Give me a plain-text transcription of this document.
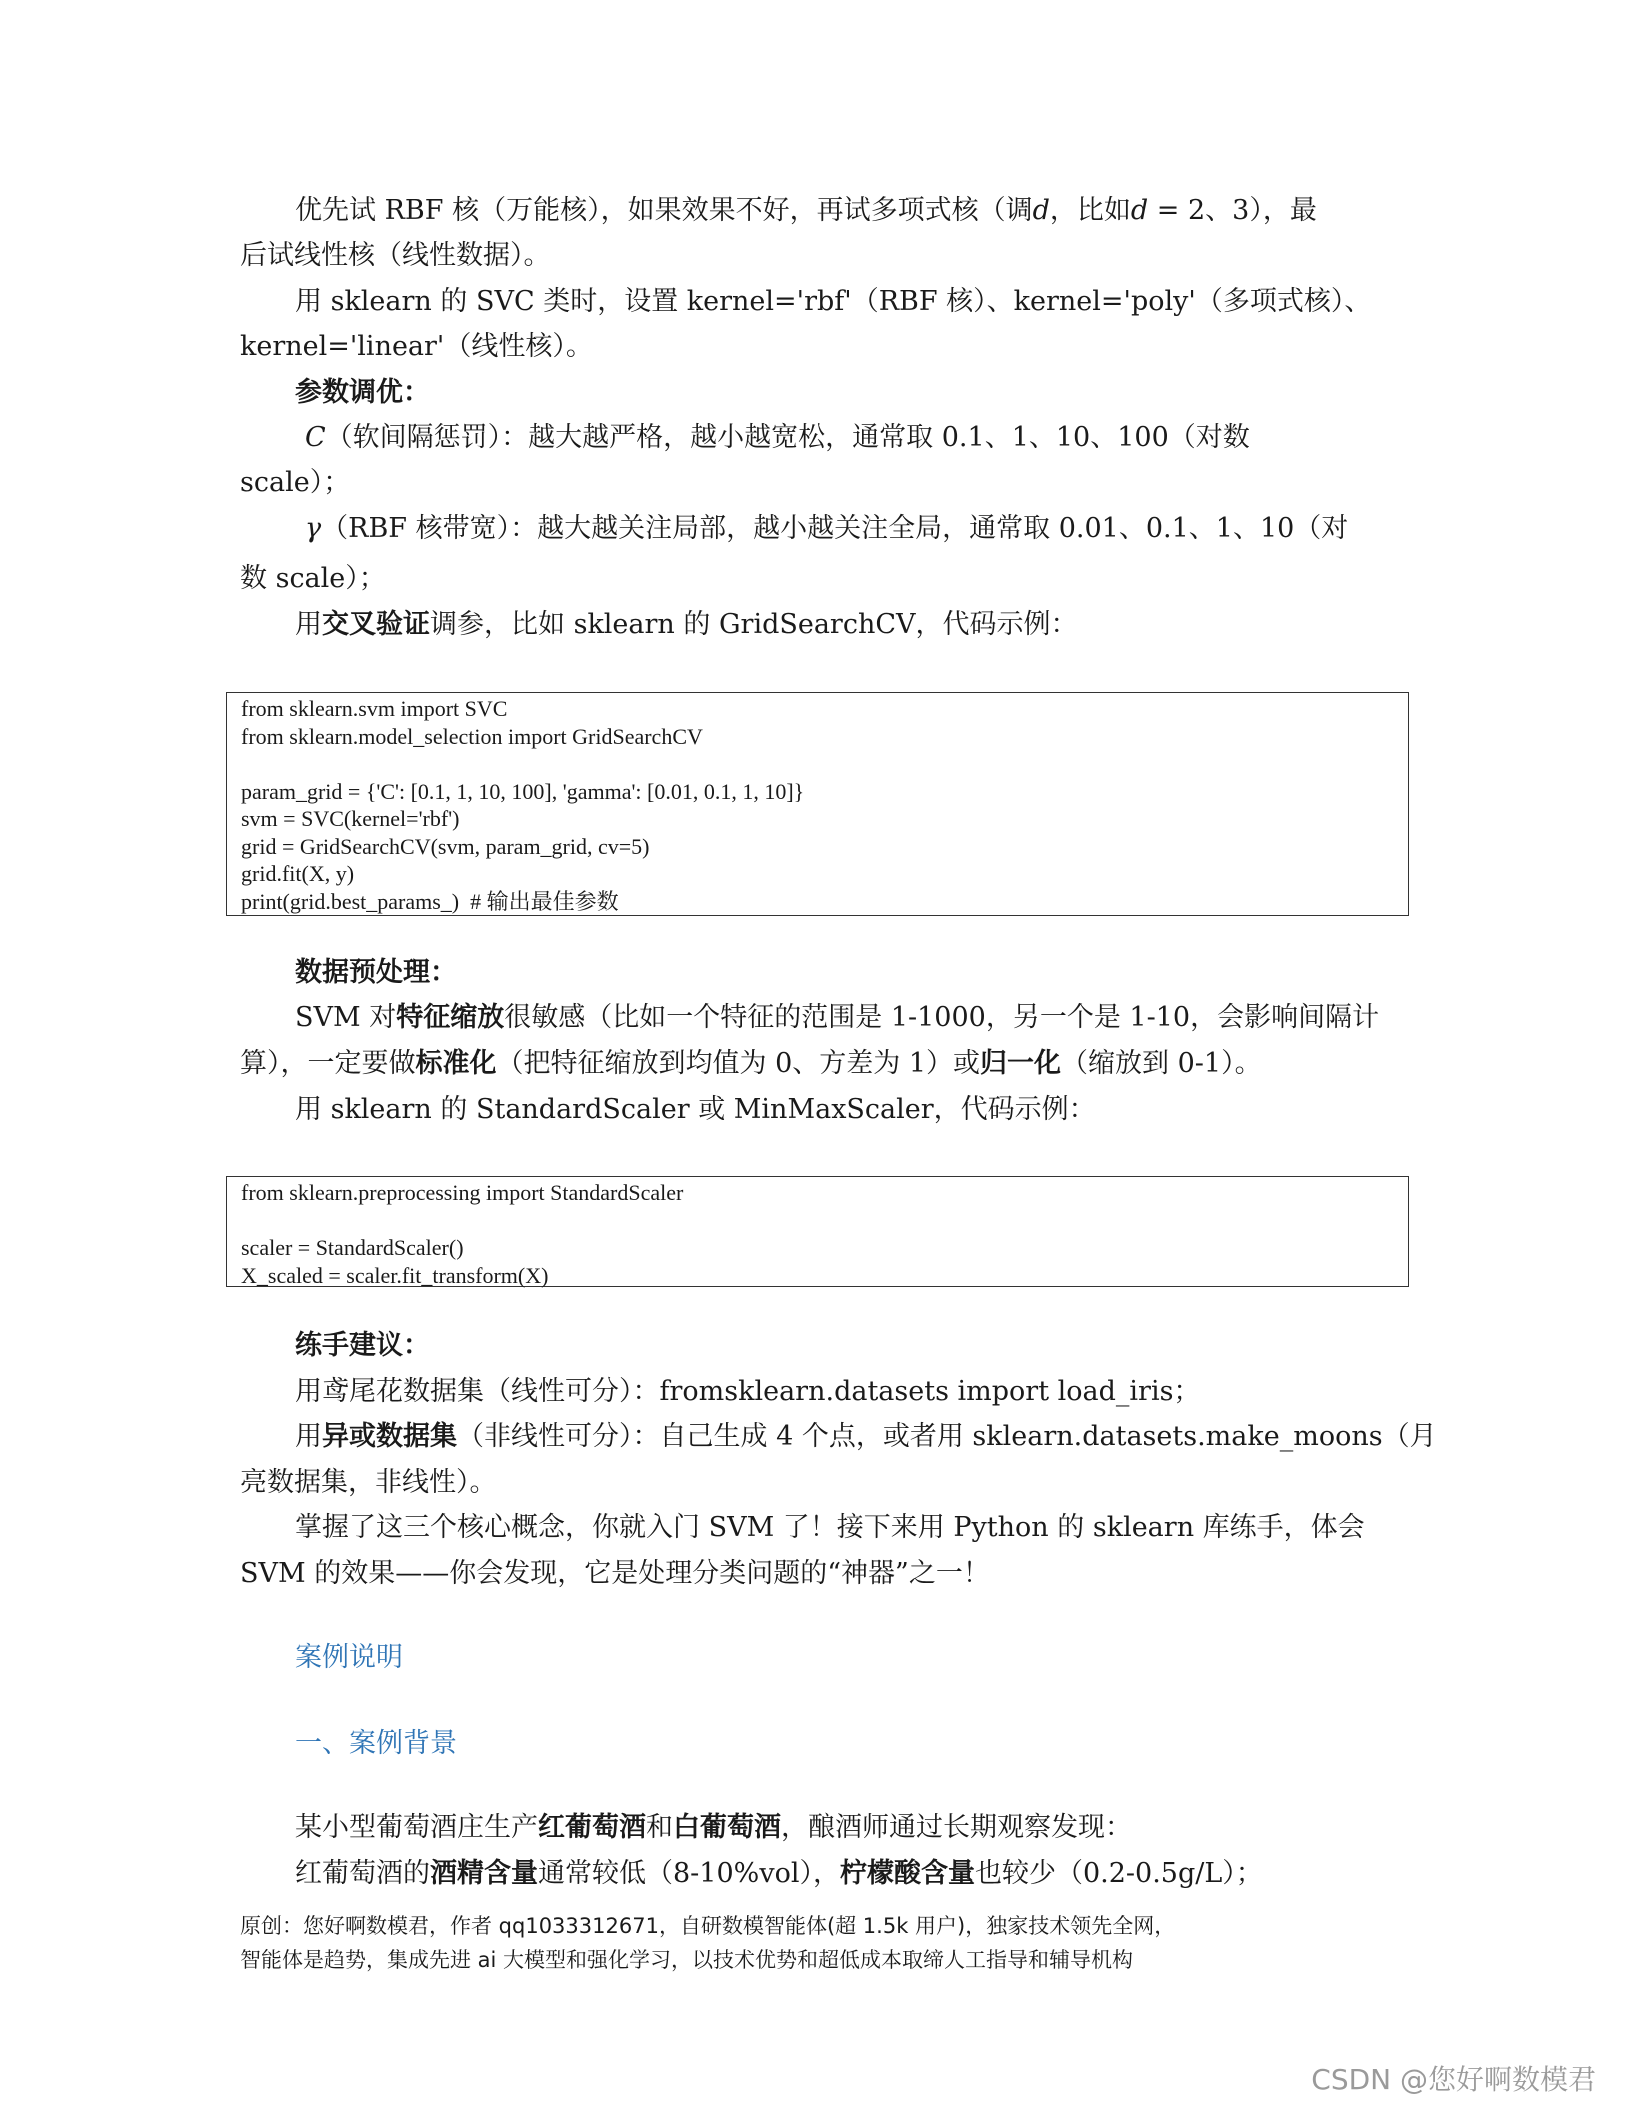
优先试 RBF 核（万能核），如果效果不好，再试多项式核（调d，比如d = 2、3），最
后试线性核（线性数据）。
用 sklearn 的 SVC 类时，设置 kernel='rbf'（RBF 核）、kernel='poly'（多项式核）、
kernel='linear'（线性核）。
参数调优：
C（软间隔惩罚）：越大越严格，越小越宽松，通常取 0.1、1、10、100（对数
scale）；
γ（RBF 核带宽）：越大越关注局部，越小越关注全局，通常取 0.01、0.1、1、10（对
数 scale）；
用交叉验证调参，比如 sklearn 的 GridSearchCV，代码示例：
from sklearn.svm import SVC
from sklearn.model_selection import GridSearchCV
param_grid = {'C': [0.1, 1, 10, 100], 'gamma': [0.01, 0.1, 1, 10]}
svm = SVC(kernel='rbf')
grid = GridSearchCV(svm, param_grid, cv=5)
grid.fit(X, y)
print(grid.best_params_)  # 输出最佳参数
数据预处理：
SVM 对特征缩放很敏感（比如一个特征的范围是 1-1000，另一个是 1-10，会影响间隔计
算），一定要做标准化（把特征缩放到均值为 0、方差为 1）或归一化（缩放到 0-1）。
用 sklearn 的 StandardScaler 或 MinMaxScaler，代码示例：
from sklearn.preprocessing import StandardScaler
scaler = StandardScaler()
X_scaled = scaler.fit_transform(X)
练手建议：
用鸢尾花数据集（线性可分）：fromsklearn.datasets import load_iris；
用异或数据集（非线性可分）：自己生成 4 个点，或者用 sklearn.datasets.make_moons（月
亮数据集，非线性）。
掌握了这三个核心概念，你就入门 SVM 了！接下来用 Python 的 sklearn 库练手，体会
SVM 的效果——你会发现，它是处理分类问题的“神器”之一！
案例说明
一、案例背景
某小型葡萄酒庄生产红葡萄酒和白葡萄酒，酿酒师通过长期观察发现：
红葡萄酒的酒精含量通常较低（8-10%vol），柠檬酸含量也较少（0.2-0.5g/L）；
原创：您好啊数模君，作者 qq1033312671，自研数模智能体(超 1.5k 用户)，独家技术领先全网，
智能体是趋势，集成先进 ai 大模型和强化学习，以技术优势和超低成本取缔人工指导和辅导机构
CSDN @您好啊数模君
